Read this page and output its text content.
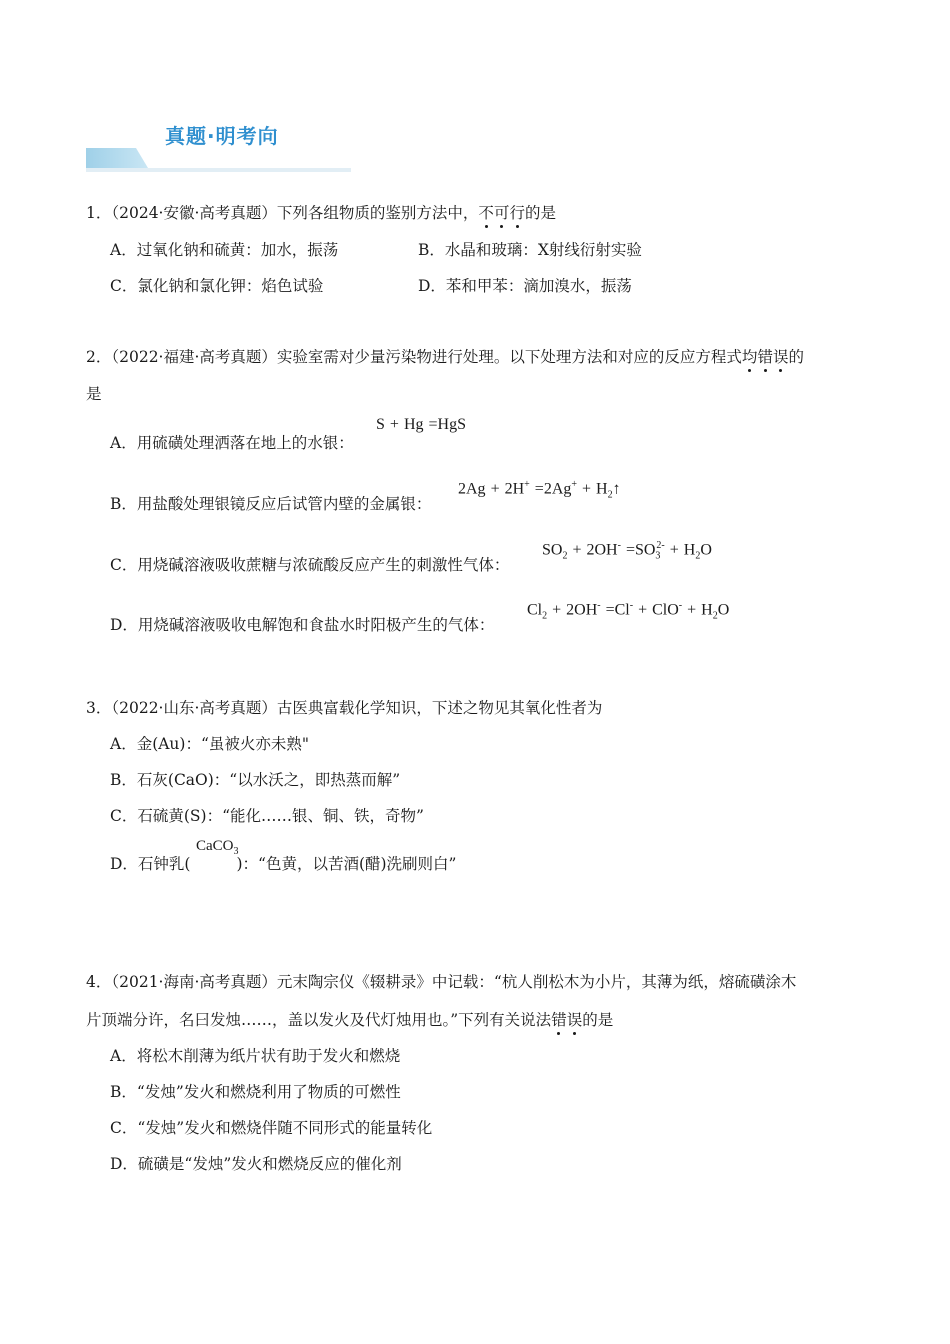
真题·明考向
1．（2024·安徽·高考真题）下列各组物质的鉴别方法中，不可行的是
A．过氧化钠和硫黄：加水，振荡	B．水晶和玻璃：X射线衍射实验
C．氯化钠和氯化钾：焰色试验	D．苯和甲苯：滴加溴水，振荡
2．（2022·福建·高考真题）实验室需对少量污染物进行处理。以下处理方法和对应的反应方程式均错误的
是
A．用硫磺处理洒落在地上的水银：
S + Hg =HgS
B．用盐酸处理银镜反应后试管内壁的金属银：
$2Ag + 2H^+ =2Ag^+ + H_2↑$
C．用烧碱溶液吸收蔗糖与浓硫酸反应产生的刺激性气体：
$SO_2 + 2OH^- =SO_3^{2-} + H_2O$
D．用烧碱溶液吸收电解饱和食盐水时阳极产生的气体：
$Cl_2 + 2OH^- =Cl^- + ClO^- + H_2O$
3．（2022·山东·高考真题）古医典富载化学知识，下述之物见其氧化性者为
A．金(Au)：“虽被火亦未熟"
B．石灰(CaO)：“以水沃之，即热蒸而解”
C．石硫黄(S)：“能化……银、铜、铁，奇物”
D．石钟乳(	)：“色黄，以苦酒(醋)洗刷则白”
CaCO$_3$
4．（2021·海南·高考真题）元末陶宗仪《辍耕录》中记载：“杭人削松木为小片，其薄为纸，熔硫磺涂木
片顶端分许，名曰发烛……，盖以发火及代灯烛用也。”下列有关说法错误的是
A．将松木削薄为纸片状有助于发火和燃烧
B．“发烛”发火和燃烧利用了物质的可燃性
C．“发烛”发火和燃烧伴随不同形式的能量转化
D．硫磺是“发烛”发火和燃烧反应的催化剂
